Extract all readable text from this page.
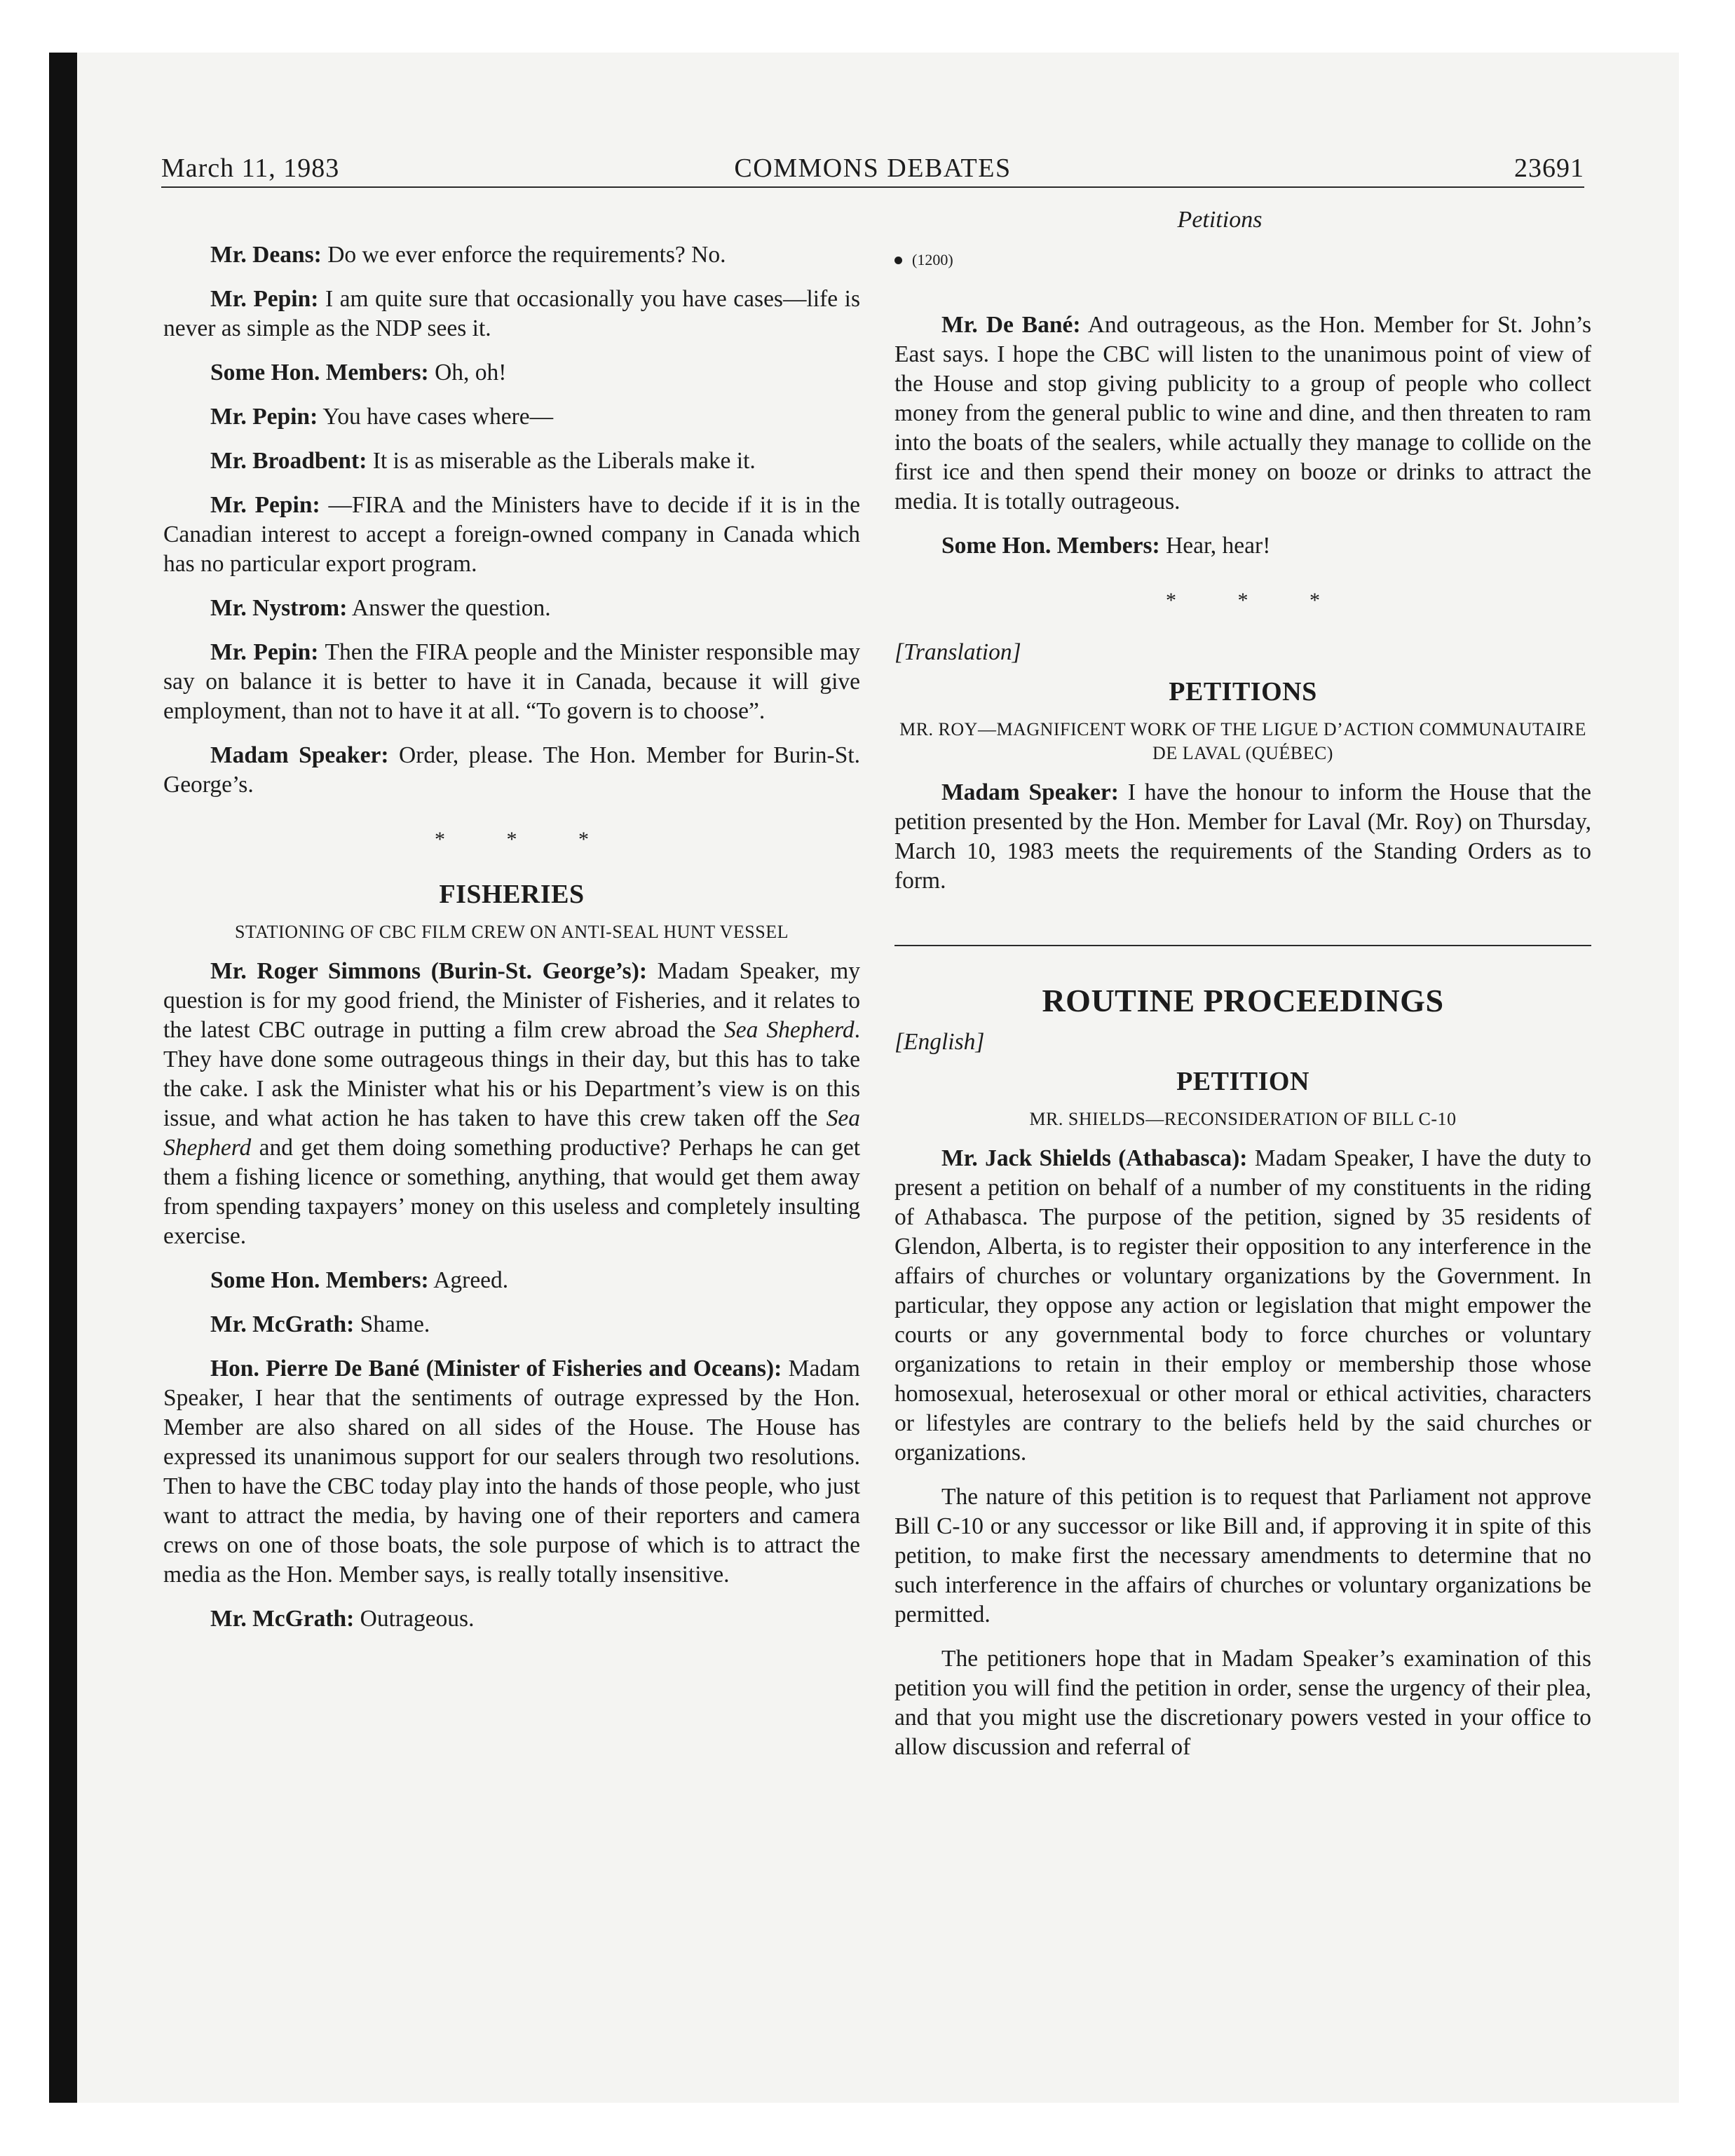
March 11, 1983	COMMONS DEBATES	23691
Petitions
(1200)

Mr. Deans: Do we ever enforce the requirements? No.

Mr. Pepin: I am quite sure that occasionally you have cases—life is never as simple as the NDP sees it.

Some Hon. Members: Oh, oh!

Mr. Pepin: You have cases where—

Mr. Broadbent: It is as miserable as the Liberals make it.

Mr. Pepin: —FIRA and the Ministers have to decide if it is in the Canadian interest to accept a foreign-owned company in Canada which has no particular export program.

Mr. Nystrom: Answer the question.

Mr. Pepin: Then the FIRA people and the Minister responsible may say on balance it is better to have it in Canada, because it will give employment, than not to have it at all. “To govern is to choose”.

Madam Speaker: Order, please. The Hon. Member for Burin-St. George’s.

* * *
FISHERIES
STATIONING OF CBC FILM CREW ON ANTI-SEAL HUNT VESSEL

Mr. Roger Simmons (Burin-St. George’s): Madam Speaker, my question is for my good friend, the Minister of Fisheries, and it relates to the latest CBC outrage in putting a film crew abroad the Sea Shepherd. They have done some outrageous things in their day, but this has to take the cake. I ask the Minister what his or his Department’s view is on this issue, and what action he has taken to have this crew taken off the Sea Shepherd and get them doing something productive? Perhaps he can get them a fishing licence or something, anything, that would get them away from spending taxpayers’ money on this useless and completely insulting exercise.

Some Hon. Members: Agreed.

Mr. McGrath: Shame.

Hon. Pierre De Bané (Minister of Fisheries and Oceans): Madam Speaker, I hear that the sentiments of outrage expressed by the Hon. Member are also shared on all sides of the House. The House has expressed its unanimous support for our sealers through two resolutions. Then to have the CBC today play into the hands of those people, who just want to attract the media, by having one of their reporters and camera crews on one of those boats, the sole purpose of which is to attract the media as the Hon. Member says, is really totally insensitive.

Mr. McGrath: Outrageous.

Mr. De Bané: And outrageous, as the Hon. Member for St. John’s East says. I hope the CBC will listen to the unanimous point of view of the House and stop giving publicity to a group of people who collect money from the general public to wine and dine, and then threaten to ram into the boats of the sealers, while actually they manage to collide on the first ice and then spend their money on booze or drinks to attract the media. It is totally outrageous.

Some Hon. Members: Hear, hear!

* * *
[Translation]
PETITIONS
MR. ROY—MAGNIFICENT WORK OF THE LIGUE D’ACTION COMMUNAUTAIRE DE LAVAL (QUÉBEC)

Madam Speaker: I have the honour to inform the House that the petition presented by the Hon. Member for Laval (Mr. Roy) on Thursday, March 10, 1983 meets the requirements of the Standing Orders as to form.

ROUTINE PROCEEDINGS
[English]
PETITION
MR. SHIELDS—RECONSIDERATION OF BILL C-10

Mr. Jack Shields (Athabasca): Madam Speaker, I have the duty to present a petition on behalf of a number of my constituents in the riding of Athabasca. The purpose of the petition, signed by 35 residents of Glendon, Alberta, is to register their opposition to any interference in the affairs of churches or voluntary organizations by the Government. In particular, they oppose any action or legislation that might empower the courts or any governmental body to force churches or voluntary organizations to retain in their employ or membership those whose homosexual, heterosexual or other moral or ethical activities, characters or lifestyles are contrary to the beliefs held by the said churches or organizations.

The nature of this petition is to request that Parliament not approve Bill C-10 or any successor or like Bill and, if approving it in spite of this petition, to make first the necessary amendments to determine that no such interference in the affairs of churches or voluntary organizations be permitted.

The petitioners hope that in Madam Speaker’s examination of this petition you will find the petition in order, sense the urgency of their plea, and that you might use the discretionary powers vested in your office to allow discussion and referral of
